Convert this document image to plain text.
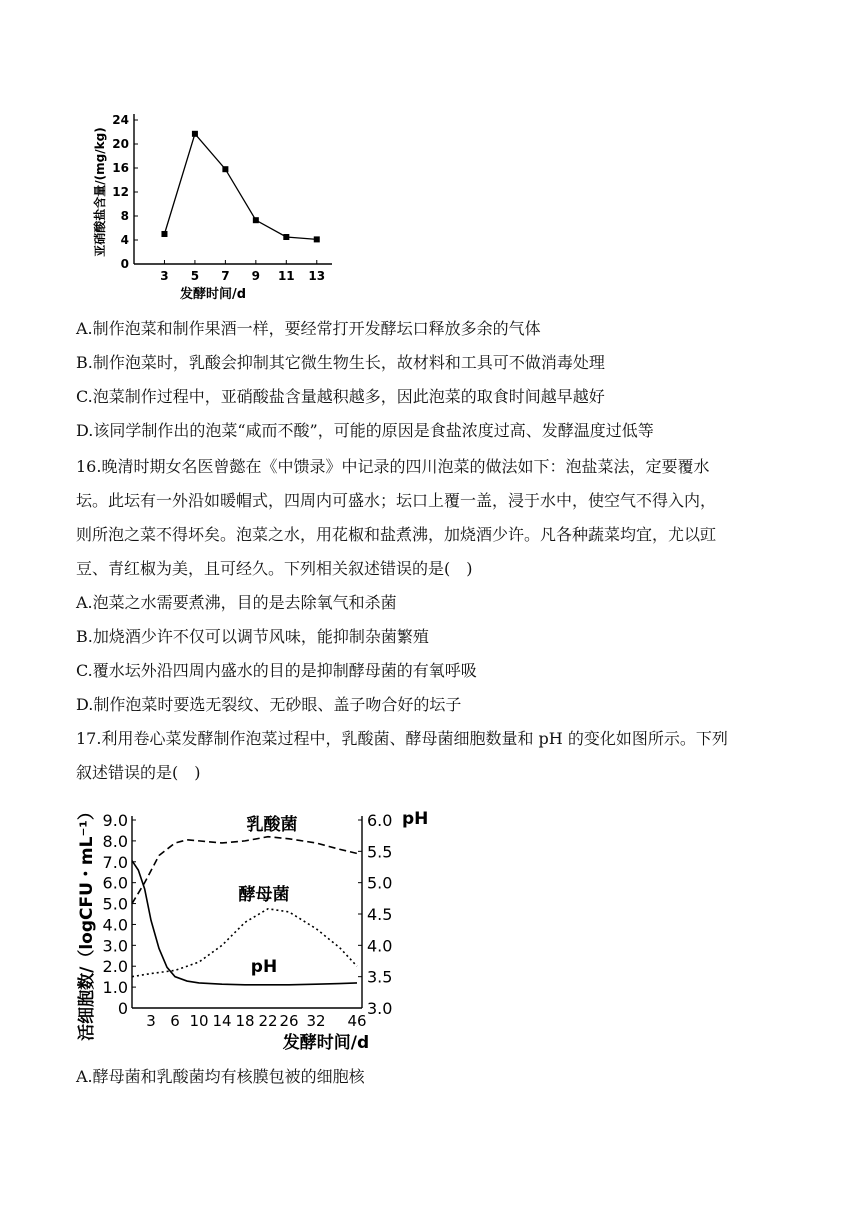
0
4
8
12
16
20
24
3 5 7 9 11 13
发酵时间/d
亚硝酸盐含量/(mg/kg)
A.制作泡菜和制作果酒一样，要经常打开发酵坛口释放多余的气体
B.制作泡菜时，乳酸会抑制其它微生物生长，故材料和工具可不做消毒处理
C.泡菜制作过程中，亚硝酸盐含量越积越多，因此泡菜的取食时间越早越好
D.该同学制作出的泡菜“咸而不酸”，可能的原因是食盐浓度过高、发酵温度过低等
16.晚清时期女名医曾懿在《中馈录》中记录的四川泡菜的做法如下：泡盐菜法，定要覆水
坛。此坛有一外沿如暖帽式，四周内可盛水；坛口上覆一盖，浸于水中，使空气不得入内，
则所泡之菜不得坏矣。泡菜之水，用花椒和盐煮沸，加烧酒少许。凡各种蔬菜均宜，尤以豇
豆、青红椒为美，且可经久。下列相关叙述错误的是(　)
A.泡菜之水需要煮沸，目的是去除氧气和杀菌
B.加烧酒少许不仅可以调节风味，能抑制杂菌繁殖
C.覆水坛外沿四周内盛水的目的是抑制酵母菌的有氧呼吸
D.制作泡菜时要选无裂纹、无砂眼、盖子吻合好的坛子
17.利用卷心菜发酵制作泡菜过程中，乳酸菌、酵母菌细胞数量和 pH 的变化如图所示。下列
叙述错误的是(　)
0
1.0
2.0
3.0
4.0
5.0
6.0
7.0
8.0
9.0
3.0
3.5
4.0
4.5
5.0
5.5
6.0
3 6 10 14 18 22 26 32 46
发酵时间/d
活细胞数/（logCFU・mL⁻¹）	pH
乳酸菌
酵母菌
pH
A.酵母菌和乳酸菌均有核膜包被的细胞核
